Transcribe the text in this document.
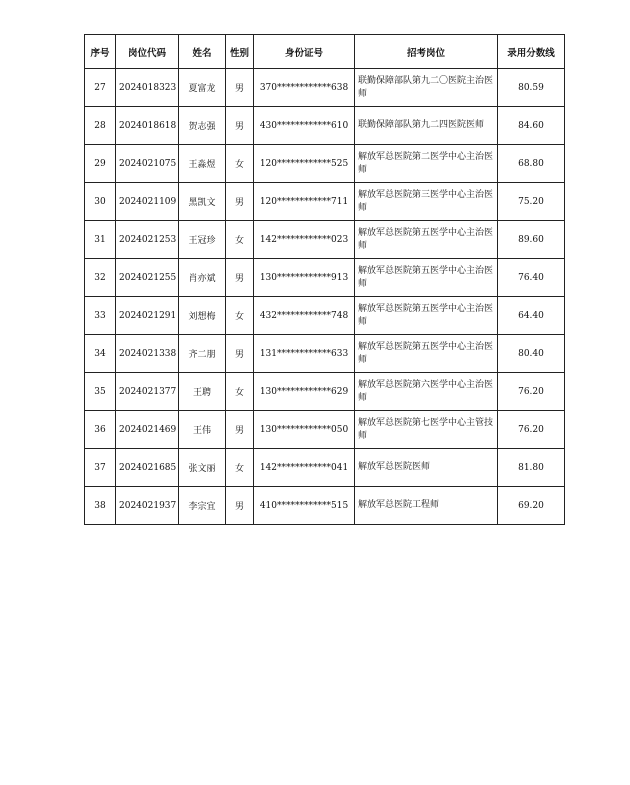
序号	岗位代码	姓名	性别	身份证号	招考岗位	录用分数线
27	2024018323	夏富龙	男	370************638	联勤保障部队第九二〇医院主治医师	80.59
28	2024018618	贺志强	男	430************610	联勤保障部队第九二四医院医师	84.60
29	2024021075	王淼煜	女	120************525	解放军总医院第二医学中心主治医师	68.80
30	2024021109	黑凯文	男	120************711	解放军总医院第三医学中心主治医师	75.20
31	2024021253	王冠珍	女	142************023	解放军总医院第五医学中心主治医师	89.60
32	2024021255	肖亦斌	男	130************913	解放军总医院第五医学中心主治医师	76.40
33	2024021291	刘想梅	女	432************748	解放军总医院第五医学中心主治医师	64.40
34	2024021338	齐二朋	男	131************633	解放军总医院第五医学中心主治医师	80.40
35	2024021377	王聘	女	130************629	解放军总医院第六医学中心主治医师	76.20
36	2024021469	王伟	男	130************050	解放军总医院第七医学中心主管技师	76.20
37	2024021685	张文丽	女	142************041	解放军总医院医师	81.80
38	2024021937	李宗宜	男	410************515	解放军总医院工程师	69.20
